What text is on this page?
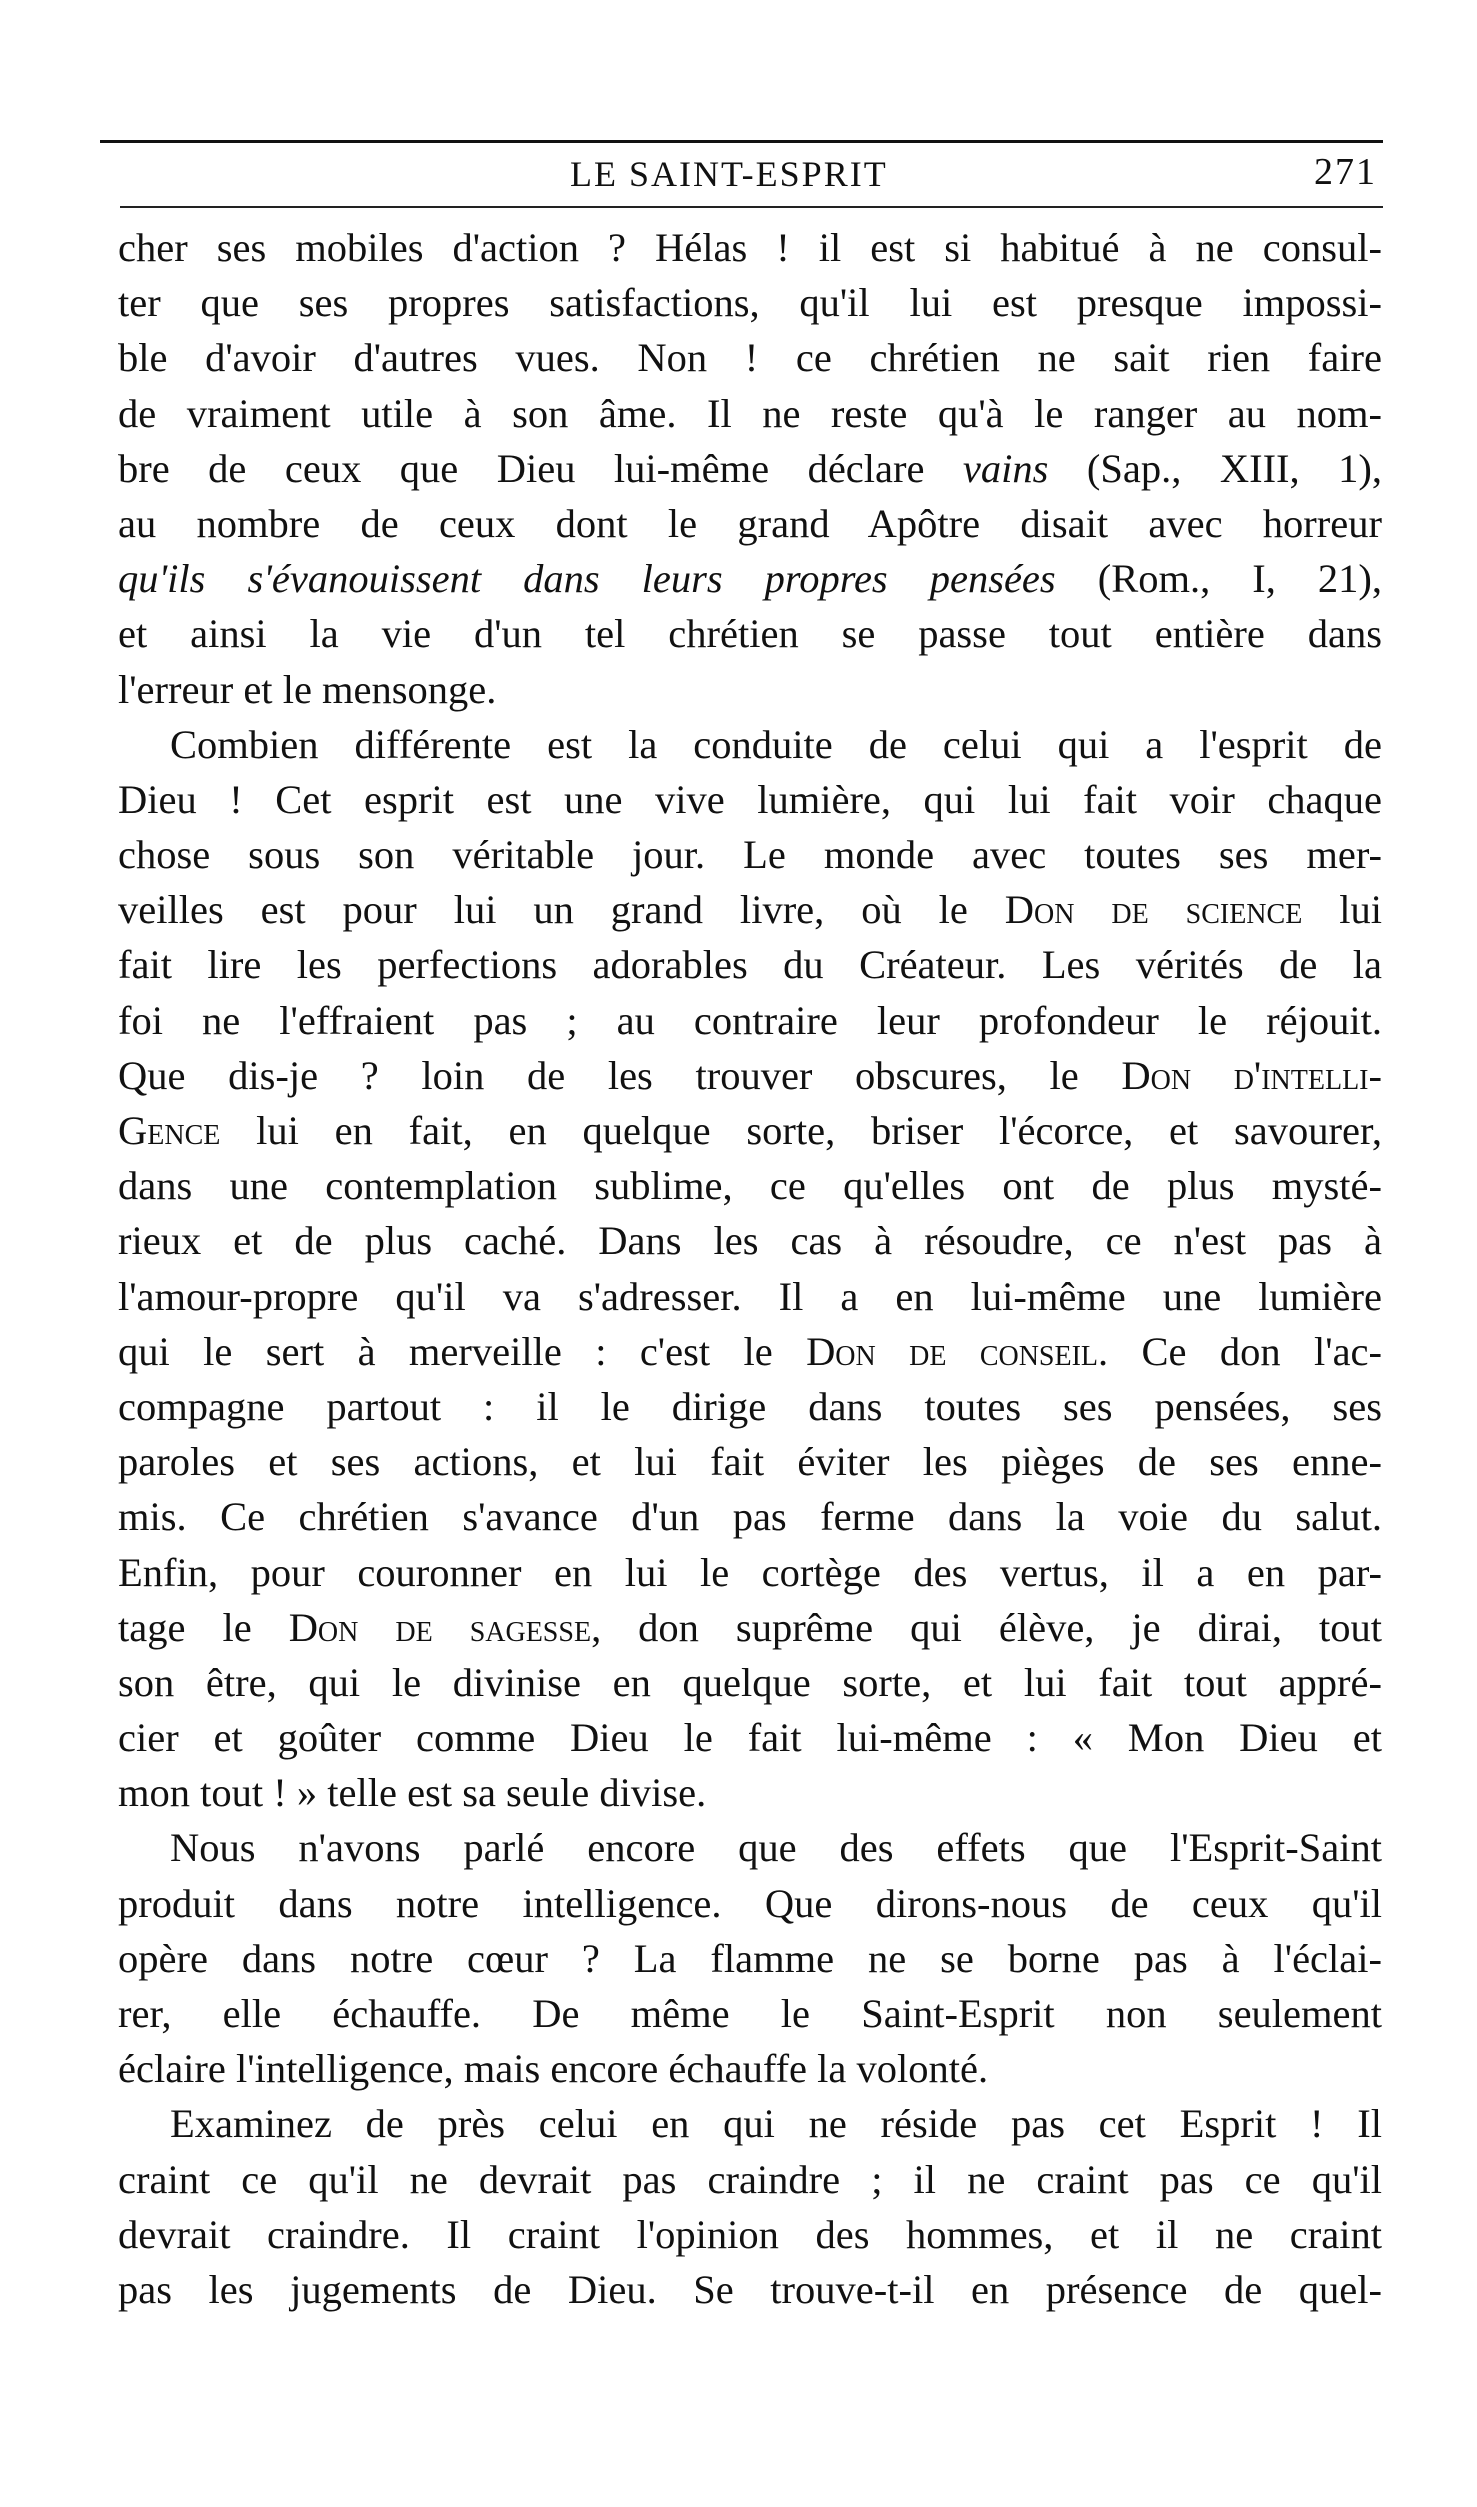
LE SAINT-ESPRIT	271
cher ses mobiles d'action ? Hélas ! il est si habitué à ne consul-
ter que ses propres satisfactions, qu'il lui est presque impossi-
ble d'avoir d'autres vues. Non ! ce chrétien ne sait rien faire
de vraiment utile à son âme. Il ne reste qu'à le ranger au nom-
bre de ceux que Dieu lui-même déclare vains (Sap., XIII, 1),
au nombre de ceux dont le grand Apôtre disait avec horreur
qu'ils s'évanouissent dans leurs propres pensées (Rom., I, 21),
et ainsi la vie d'un tel chrétien se passe tout entière dans
l'erreur et le mensonge.
Combien différente est la conduite de celui qui a l'esprit de
Dieu ! Cet esprit est une vive lumière, qui lui fait voir chaque
chose sous son véritable jour. Le monde avec toutes ses mer-
veilles est pour lui un grand livre, où le Don de science lui
fait lire les perfections adorables du Créateur. Les vérités de la
foi ne l'effraient pas ; au contraire leur profondeur le réjouit.
Que dis-je ? loin de les trouver obscures, le Don d'intelli-
Gence lui en fait, en quelque sorte, briser l'écorce, et savourer,
dans une contemplation sublime, ce qu'elles ont de plus mysté-
rieux et de plus caché. Dans les cas à résoudre, ce n'est pas à
l'amour-propre qu'il va s'adresser. Il a en lui-même une lumière
qui le sert à merveille : c'est le Don de conseil. Ce don l'ac-
compagne partout : il le dirige dans toutes ses pensées, ses
paroles et ses actions, et lui fait éviter les pièges de ses enne-
mis. Ce chrétien s'avance d'un pas ferme dans la voie du salut.
Enfin, pour couronner en lui le cortège des vertus, il a en par-
tage le Don de sagesse, don suprême qui élève, je dirai, tout
son être, qui le divinise en quelque sorte, et lui fait tout appré-
cier et goûter comme Dieu le fait lui-même : « Mon Dieu et
mon tout ! » telle est sa seule divise.
Nous n'avons parlé encore que des effets que l'Esprit-Saint
produit dans notre intelligence. Que dirons-nous de ceux qu'il
opère dans notre cœur ? La flamme ne se borne pas à l'éclai-
rer, elle échauffe. De même le Saint-Esprit non seulement
éclaire l'intelligence, mais encore échauffe la volonté.
Examinez de près celui en qui ne réside pas cet Esprit ! Il
craint ce qu'il ne devrait pas craindre ; il ne craint pas ce qu'il
devrait craindre. Il craint l'opinion des hommes, et il ne craint
pas les jugements de Dieu. Se trouve-t-il en présence de quel-
